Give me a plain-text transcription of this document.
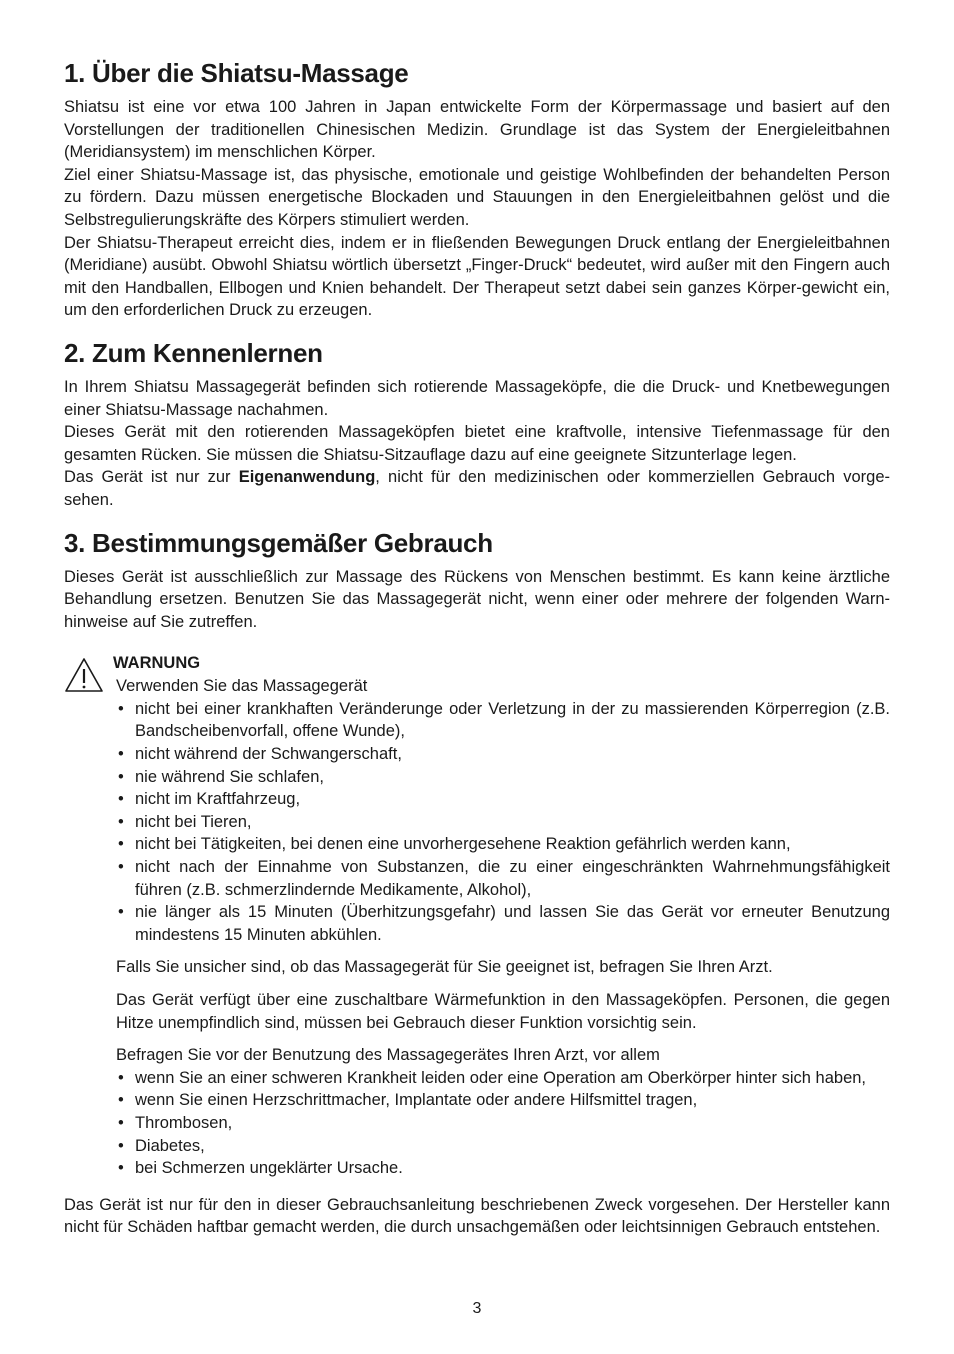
1. Über die Shiatsu-Massage

Shiatsu ist eine vor etwa 100 Jahren in Japan entwickelte Form der Körpermassage und basiert auf den Vorstellungen der traditionellen Chinesischen Medizin. Grundlage ist das System der Energieleitbahnen (Meridiansystem) im menschlichen Körper.

Ziel einer Shiatsu-Massage ist, das physische, emotionale und geistige Wohlbefinden der behandelten Person zu fördern. Dazu müssen energetische Blockaden und Stauungen in den Energieleitbahnen gelöst und die Selbstregulierungskräfte des Körpers stimuliert werden.

Der Shiatsu-Therapeut erreicht dies, indem er in fließenden Bewegungen Druck entlang der Energieleitbahnen (Meridiane) ausübt. Obwohl Shiatsu wörtlich übersetzt „Finger-Druck“ bedeutet, wird außer mit den Fingern auch mit den Handballen, Ellbogen und Knien behandelt. Der Therapeut setzt dabei sein ganzes Körper-gewicht ein, um den erforderlichen Druck zu erzeugen.

2. Zum Kennenlernen

In Ihrem Shiatsu Massagegerät befinden sich rotierende Massageköpfe, die die Druck- und Knetbewegungen einer Shiatsu-Massage nachahmen.

Dieses Gerät mit den rotierenden Massageköpfen bietet eine kraftvolle, intensive Tiefenmassage für den gesamten Rücken. Sie müssen die Shiatsu-Sitzauflage dazu auf eine geeignete Sitzunterlage legen.

Das Gerät ist nur zur Eigenanwendung, nicht für den medizinischen oder kommerziellen Gebrauch vorge-sehen.

3. Bestimmungsgemäßer Gebrauch

Dieses Gerät ist ausschließlich zur Massage des Rückens von Menschen bestimmt. Es kann keine ärztliche Behandlung ersetzen. Benutzen Sie das Massagegerät nicht, wenn einer oder mehrere der folgenden Warn-hinweise auf Sie zutreffen.

WARNUNG

Verwenden Sie das Massagegerät

• nicht bei einer krankhaften Veränderunge oder Verletzung in der zu massierenden Körperregion (z.B. Bandscheibenvorfall, offene Wunde),
• nicht während der Schwangerschaft,
• nie während Sie schlafen,
• nicht im Kraftfahrzeug,
• nicht bei Tieren,
• nicht bei Tätigkeiten, bei denen eine unvorhergesehene Reaktion gefährlich werden kann,
• nicht nach der Einnahme von Substanzen, die zu einer eingeschränkten Wahrnehmungsfähigkeit führen (z.B. schmerzlindernde Medikamente, Alkohol),
• nie länger als 15 Minuten (Überhitzungsgefahr) und lassen Sie das Gerät vor erneuter Benutzung mindestens 15 Minuten abkühlen.

Falls Sie unsicher sind, ob das Massagegerät für Sie geeignet ist, befragen Sie Ihren Arzt.

Das Gerät verfügt über eine zuschaltbare Wärmefunktion in den Massageköpfen. Personen, die gegen Hitze unempfindlich sind, müssen bei Gebrauch dieser Funktion vorsichtig sein.

Befragen Sie vor der Benutzung des Massagegerätes Ihren Arzt, vor allem

• wenn Sie an einer schweren Krankheit leiden oder eine Operation am Oberkörper hinter sich haben,
• wenn Sie einen Herzschrittmacher, Implantate oder andere Hilfsmittel tragen,
• Thrombosen,
• Diabetes,
• bei Schmerzen ungeklärter Ursache.

Das Gerät ist nur für den in dieser Gebrauchsanleitung beschriebenen Zweck vorgesehen. Der Hersteller kann nicht für Schäden haftbar gemacht werden, die durch unsachgemäßen oder leichtsinnigen Gebrauch entstehen.

3
